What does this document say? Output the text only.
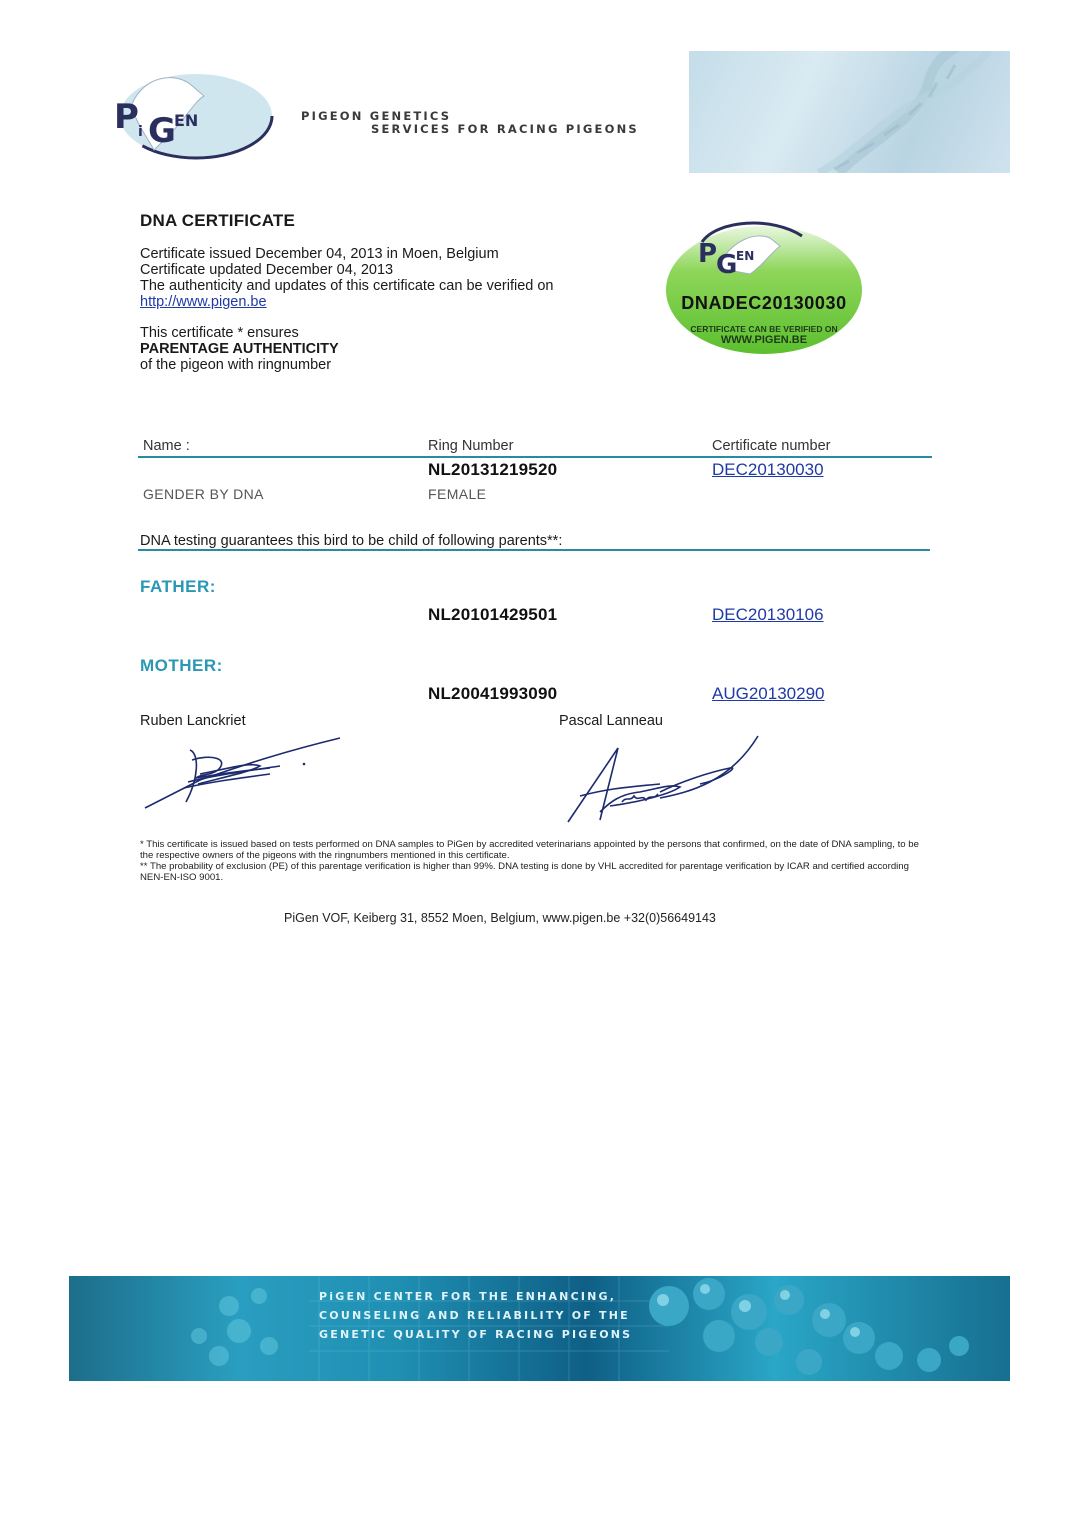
P i G
EN	PIGEON GENETICS
SERVICES FOR RACING PIGEONS
DNA CERTIFICATE
Certificate issued December 04, 2013 in Moen, Belgium
Certificate updated December 04, 2013
The authenticity and updates of this certificate can be verified on
http://www.pigen.be
This certificate * ensures
PARENTAGE AUTHENTICITY
of the pigeon with ringnumber
P
G
EN
DNADEC20130030
CERTIFICATE CAN BE VERIFIED ON
WWW.PIGEN.BE
Name :	Ring Number	Certificate number
NL20131219520	DEC20130030
GENDER BY DNA	FEMALE
DNA testing guarantees this bird to be child of following parents**:
FATHER:
NL20101429501	DEC20130106
MOTHER:
NL20041993090	AUG20130290
Ruben Lanckriet	Pascal Lanneau
* This certificate is issued based on tests performed on DNA samples to PiGen by accredited veterinarians appointed by the persons that confirmed, on the date of DNA sampling, to be the respective owners of the pigeons with the ringnumbers mentioned in this certificate.
** The probability of exclusion (PE) of this parentage verification is higher than 99%. DNA testing is done by VHL accredited for parentage verification by ICAR and certified according NEN-EN-ISO 9001.
PiGen VOF, Keiberg 31, 8552 Moen, Belgium, www.pigen.be +32(0)56649143
PiGEN CENTER FOR THE ENHANCING,
COUNSELING AND RELIABILITY OF THE
GENETIC QUALITY OF RACING PIGEONS
